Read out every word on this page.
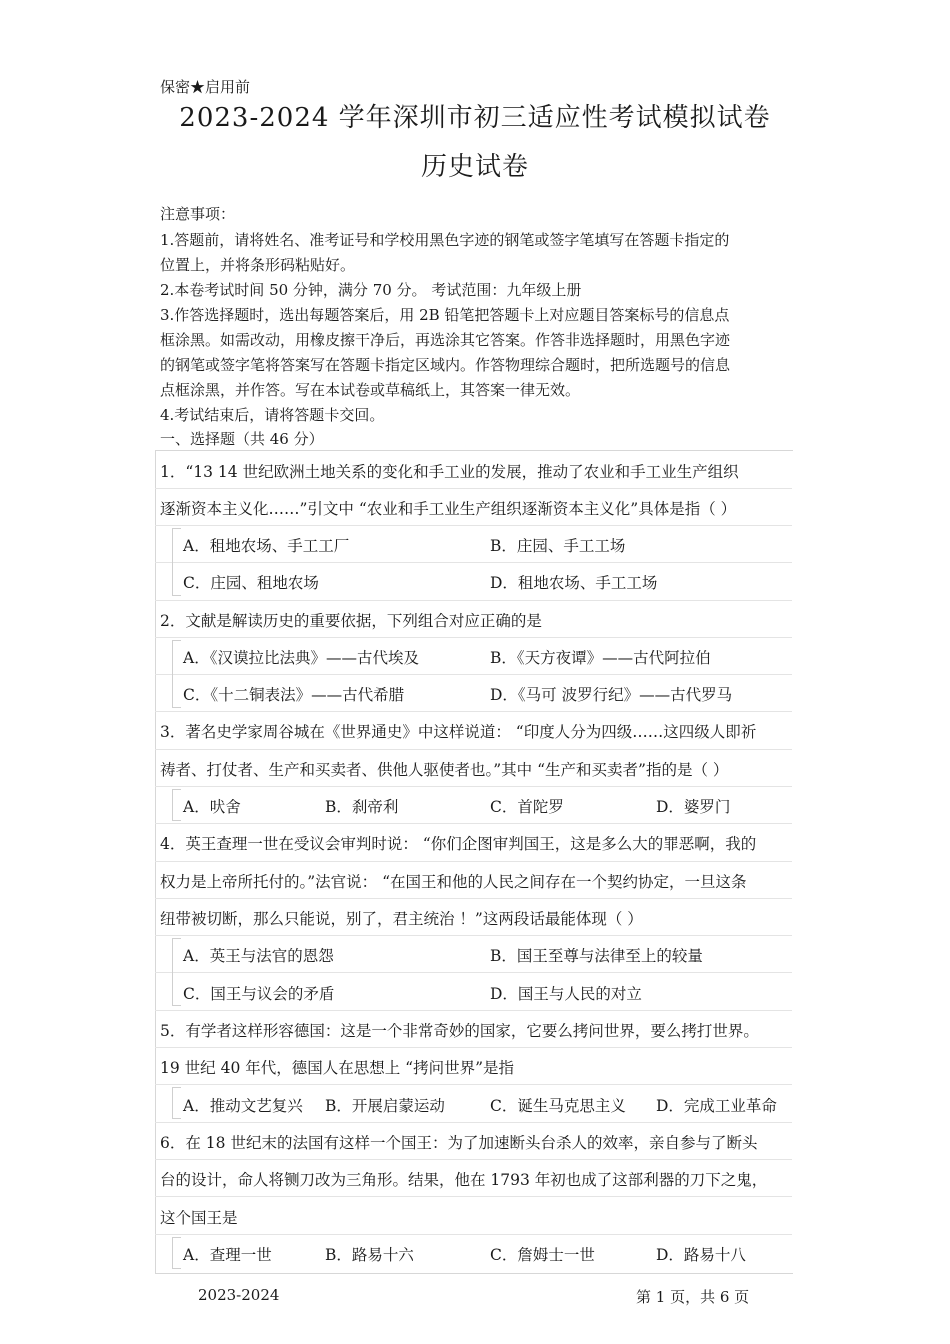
保密★启用前
2023-2024 学年深圳市初三适应性考试模拟试卷
历史试卷
注意事项：
1.答题前，请将姓名、准考证号和学校用黑色字迹的钢笔或签字笔填写在答题卡指定的
位置上，并将条形码粘贴好。
2.本卷考试时间 50 分钟，满分 70 分。 考试范围：九年级上册
3.作答选择题时，选出每题答案后，用 2B 铅笔把答题卡上对应题目答案标号的信息点
框涂黑。如需改动，用橡皮擦干净后，再选涂其它答案。作答非选择题时，用黑色字迹
的钢笔或签字笔将答案写在答题卡指定区域内。作答物理综合题时，把所选题号的信息
点框涂黑，并作答。写在本试卷或草稿纸上，其答案一律无效。
4.考试结束后，请将答题卡交回。
一、选择题（共 46 分）
1．“13 14 世纪欧洲土地关系的变化和手工业的发展，推动了农业和手工业生产组织
逐渐资本主义化……”引文中 “农业和手工业生产组织逐渐资本主义化”具体是指（ ）
A．租地农场、手工工厂	B．庄园、手工工场
C．庄园、租地农场	D．租地农场、手工工场
2．文献是解读历史的重要依据，下列组合对应正确的是
A．《汉谟拉比法典》——古代埃及	B．《天方夜谭》——古代阿拉伯
C．《十二铜表法》——古代希腊	D．《马可 波罗行纪》——古代罗马
3．著名史学家周谷城在《世界通史》中这样说道： “印度人分为四级……这四级人即祈
祷者、打仗者、生产和买卖者、供他人驱使者也。”其中 “生产和买卖者”指的是（ ）
A．吠舍	B．刹帝利	C．首陀罗	D．婆罗门
4．英王查理一世在受议会审判时说： “你们企图审判国王，这是多么大的罪恶啊，我的
权力是上帝所托付的。”法官说： “在国王和他的人民之间存在一个契约协定，一旦这条
纽带被切断，那么只能说，别了，君主统治 ！”这两段话最能体现（ ）
A．英王与法官的恩怨	B．国王至尊与法律至上的较量
C．国王与议会的矛盾	D．国王与人民的对立
5．有学者这样形容德国：这是一个非常奇妙的国家，它要么拷问世界，要么拷打世界。
19 世纪 40 年代，德国人在思想上 “拷问世界”是指
A．推动文艺复兴 B．开展启蒙运动	C．诞生马克思主义 D．完成工业革命
6．在 18 世纪末的法国有这样一个国王：为了加速断头台杀人的效率，亲自参与了断头
台的设计，命人将铡刀改为三角形。结果，他在 1793 年初也成了这部利器的刀下之鬼，
这个国王是
A．查理一世	B．路易十六	C．詹姆士一世	D．路易十八
2023-2024	第 1 页，共 6 页
